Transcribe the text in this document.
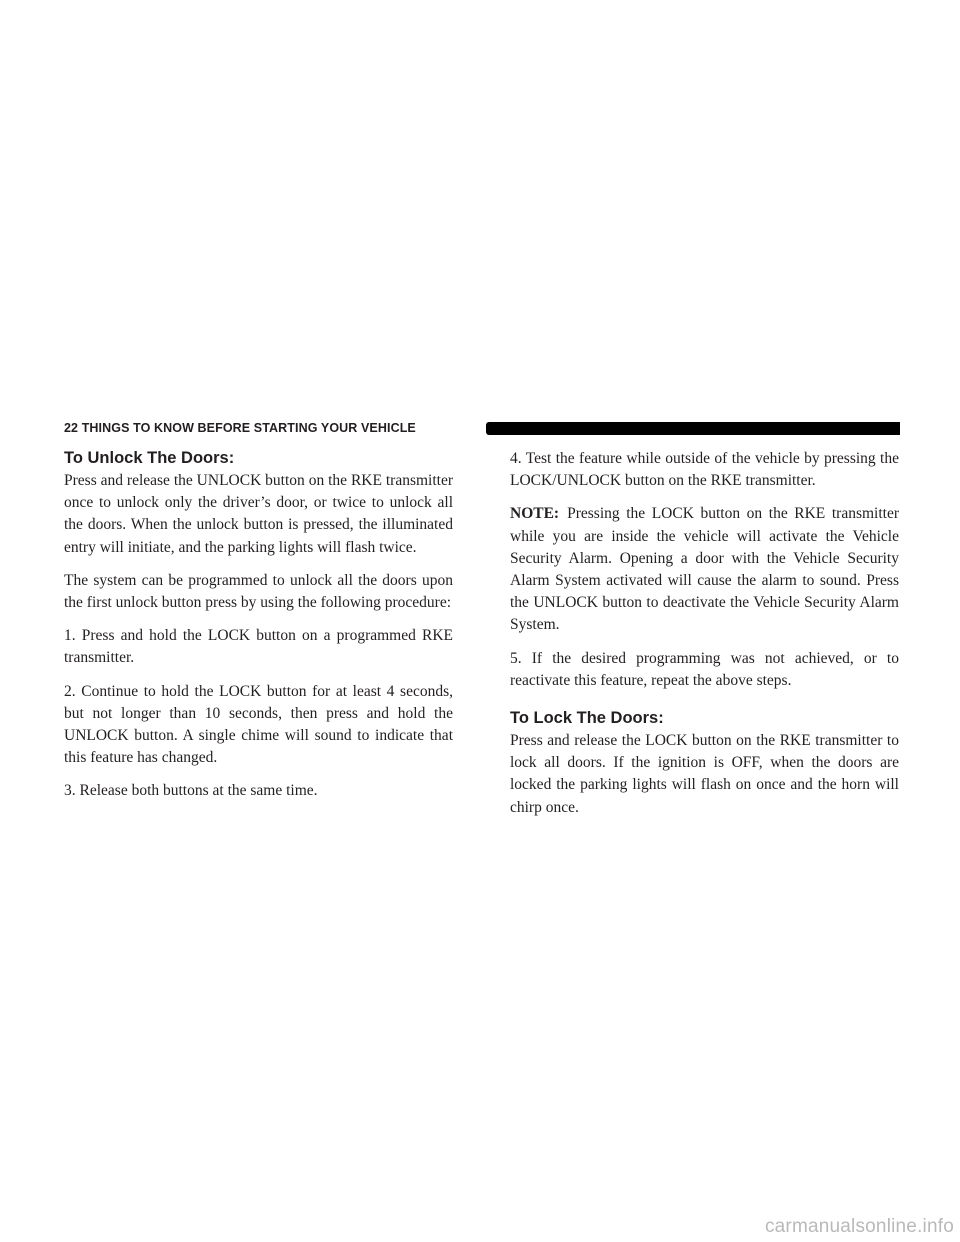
22 THINGS TO KNOW BEFORE STARTING YOUR VEHICLE
To Unlock The Doors:

Press and release the UNLOCK button on the RKE transmitter once to unlock only the driver’s door, or twice to unlock all the doors. When the unlock button is pressed, the illuminated entry will initiate, and the parking lights will flash twice.

The system can be programmed to unlock all the doors upon the first unlock button press by using the following procedure:

1. Press and hold the LOCK button on a programmed RKE transmitter.

2. Continue to hold the LOCK button for at least 4 seconds, but not longer than 10 seconds, then press and hold the UNLOCK button. A single chime will sound to indicate that this feature has changed.

3. Release both buttons at the same time.

4. Test the feature while outside of the vehicle by pressing the LOCK/UNLOCK button on the RKE transmitter.

NOTE: Pressing the LOCK button on the RKE transmitter while you are inside the vehicle will activate the Vehicle Security Alarm. Opening a door with the Vehicle Security Alarm System activated will cause the alarm to sound. Press the UNLOCK button to deactivate the Vehicle Security Alarm System.

5. If the desired programming was not achieved, or to reactivate this feature, repeat the above steps.

To Lock The Doors:

Press and release the LOCK button on the RKE transmitter to lock all doors. If the ignition is OFF, when the doors are locked the parking lights will flash on once and the horn will chirp once.

carmanualsonline.info
